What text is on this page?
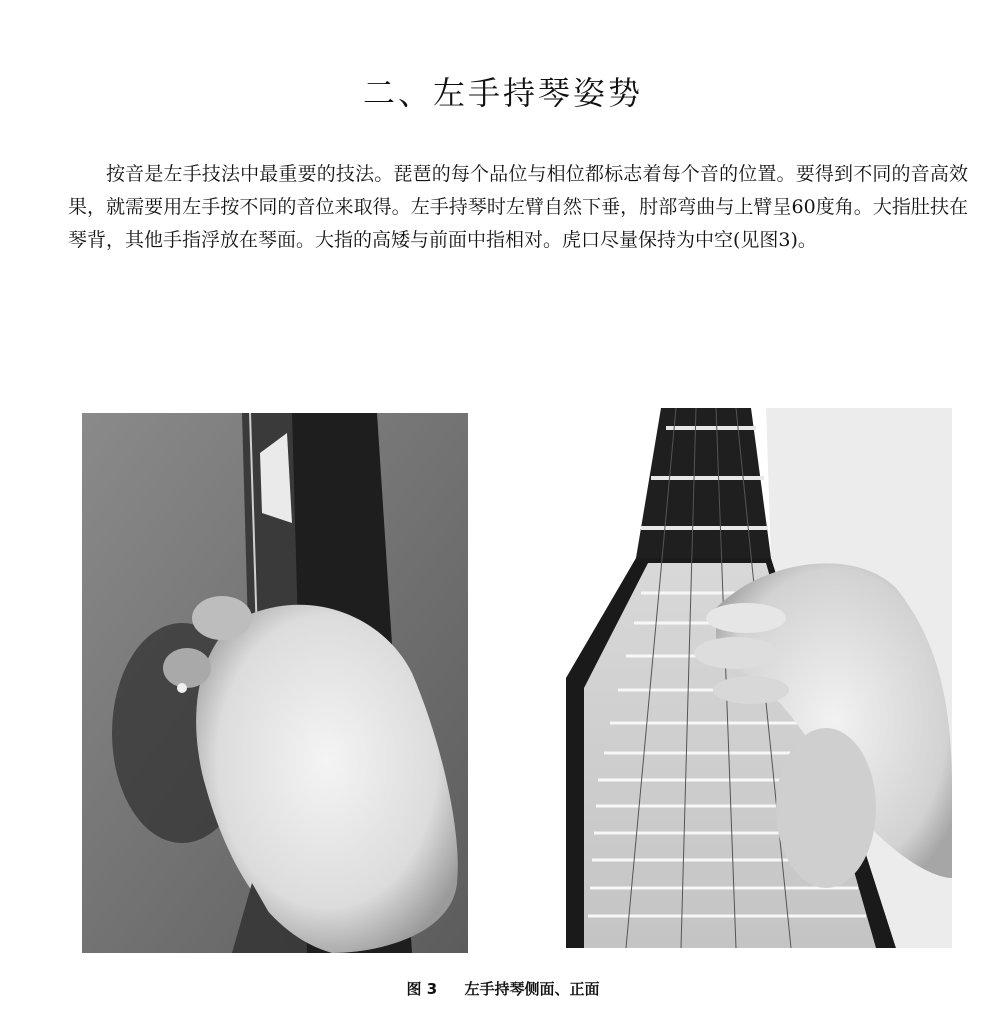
二、左手持琴姿势

按音是左手技法中最重要的技法。琵琶的每个品位与相位都标志着每个音的位置。要得到不同的音高效果，就需要用左手按不同的音位来取得。左手持琴时左臂自然下垂，肘部弯曲与上臂呈60度角。大指肚扶在琴背，其他手指浮放在琴面。大指的高矮与前面中指相对。虎口尽量保持为中空(见图3)。

图 3 左手持琴侧面、正面
